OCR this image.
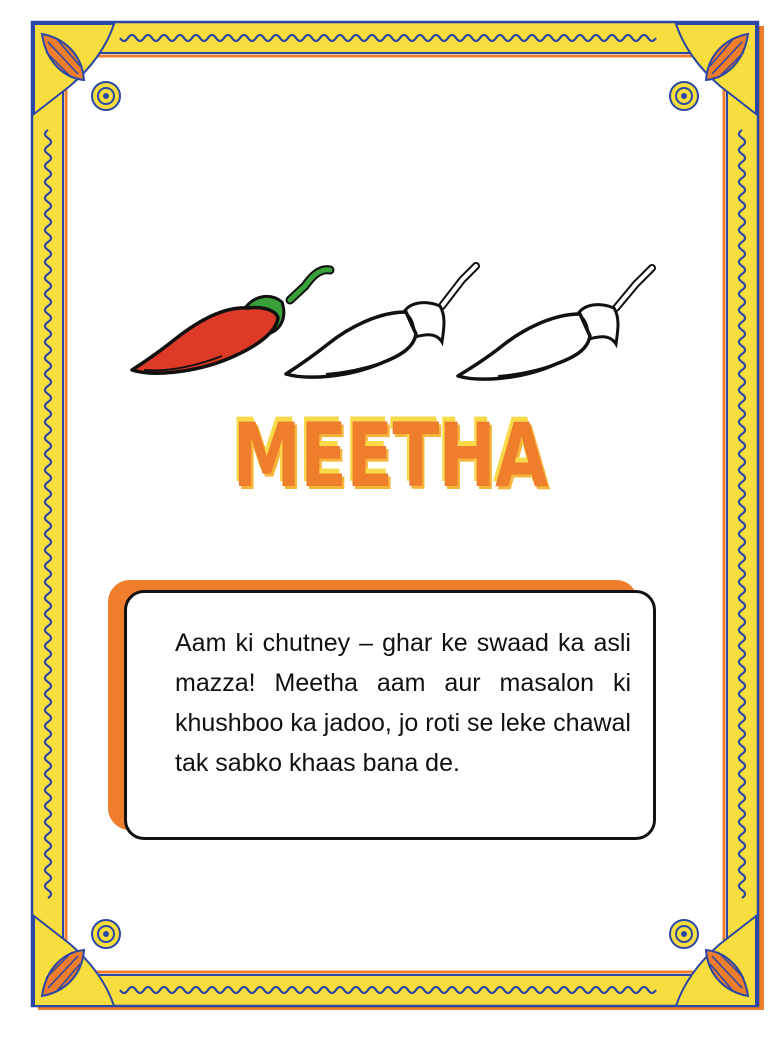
MEETHA

Aam ki chutney – ghar ke swaad ka asli mazza! Meetha aam aur masalon ki khushboo ka jadoo, jo roti se leke chawal tak sabko khaas bana de.
